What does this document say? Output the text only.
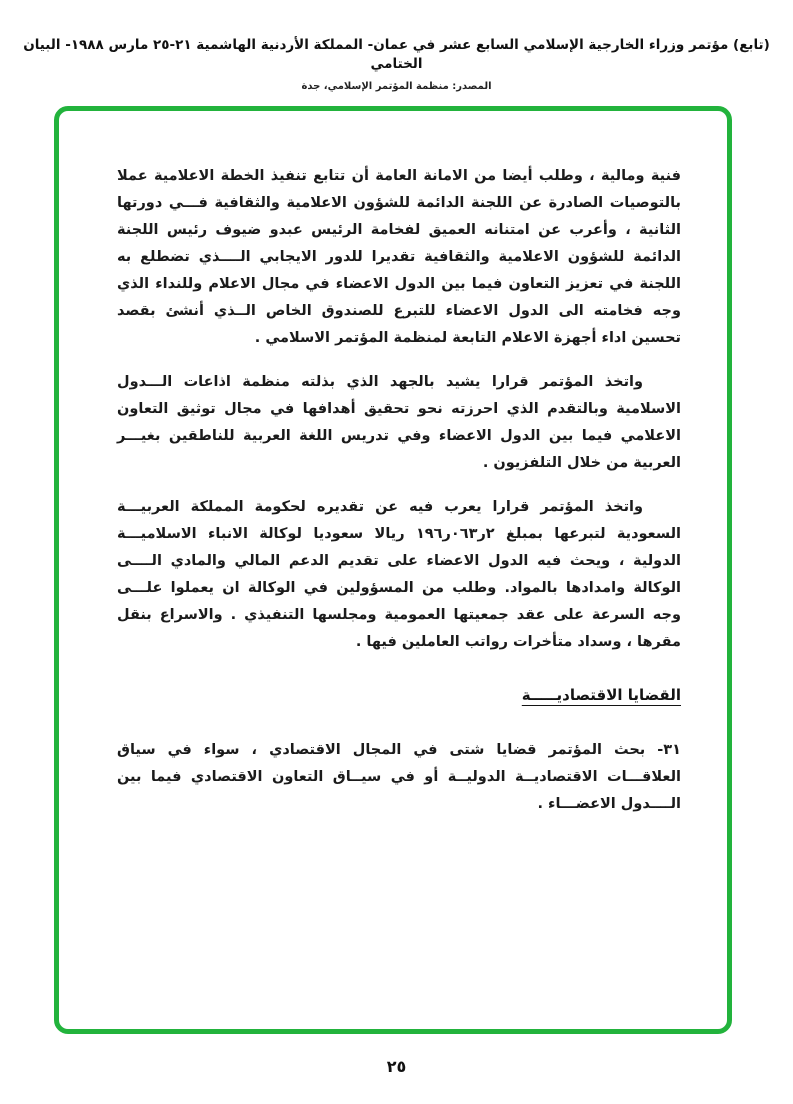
(تابع) مؤتمر وزراء الخارجية الإسلامي السابع عشر في عمان- المملكة الأردنية الهاشمية ٢١-٢٥ مارس ١٩٨٨- البيان الختامي
المصدر: منظمة المؤتمر الإسلامي، جدة

فنية ومالية ، وطلب أيضا من الامانة العامة أن تتابع تنفيذ الخطة الاعلامية عملا بالتوصيات الصادرة عن اللجنة الدائمة للشؤون الاعلامية والثقافية فـــي دورتها الثانية ، وأعرب عن امتنانه العميق لفخامة الرئيس عبدو ضيوف رئيس اللجنة الدائمة للشؤون الاعلامية والثقافية تقديرا للدور الايجابي الــــذي تضطلع به اللجنة في تعزيز التعاون فيما بين الدول الاعضاء في مجال الاعلام وللنداء الذي وجه فخامته الى الدول الاعضاء للتبرع للصندوق الخاص الــذي أنشئ بقصد تحسين اداء أجهزة الاعلام التابعة لمنظمة المؤتمر الاسلامي .

واتخذ المؤتمر قرارا يشيد بالجهد الذي بذلته منظمة اذاعات الـــدول الاسلامية وبالتقدم الذي احرزته نحو تحقيق أهدافها في مجال توثيق التعاون الاعلامي فيما بين الدول الاعضاء وفي تدريس اللغة العربية للناطقين بغيـــر العربية من خلال التلفزيون .

واتخذ المؤتمر قرارا يعرب فيه عن تقديره لحكومة المملكة العربيـــة السعودية لتبرعها بمبلغ ٢ر٠٦٣ر١٩٦ ريالا سعوديا لوكالة الانباء الاسلاميـــة الدولية ، ويحث فيه الدول الاعضاء على تقديم الدعم المالي والمادي الــــى الوكالة وامدادها بالمواد. وطلب من المسؤولين في الوكالة ان يعملوا علـــى وجه السرعة على عقد جمعيتها العمومية ومجلسها التنفيذي . والاسراع بنقل مقرها ، وسداد متأخرات رواتب العاملين فيها .

القضايا الاقتصاديـــــة

٣١- بحث المؤتمر قضايا شتى في المجال الاقتصادي ، سواء في سياق العلاقـــات الاقتصاديــة الدوليــة أو في سيــاق التعاون الاقتصادي فيما بين الــــدول الاعضـــاء .

٢٥
